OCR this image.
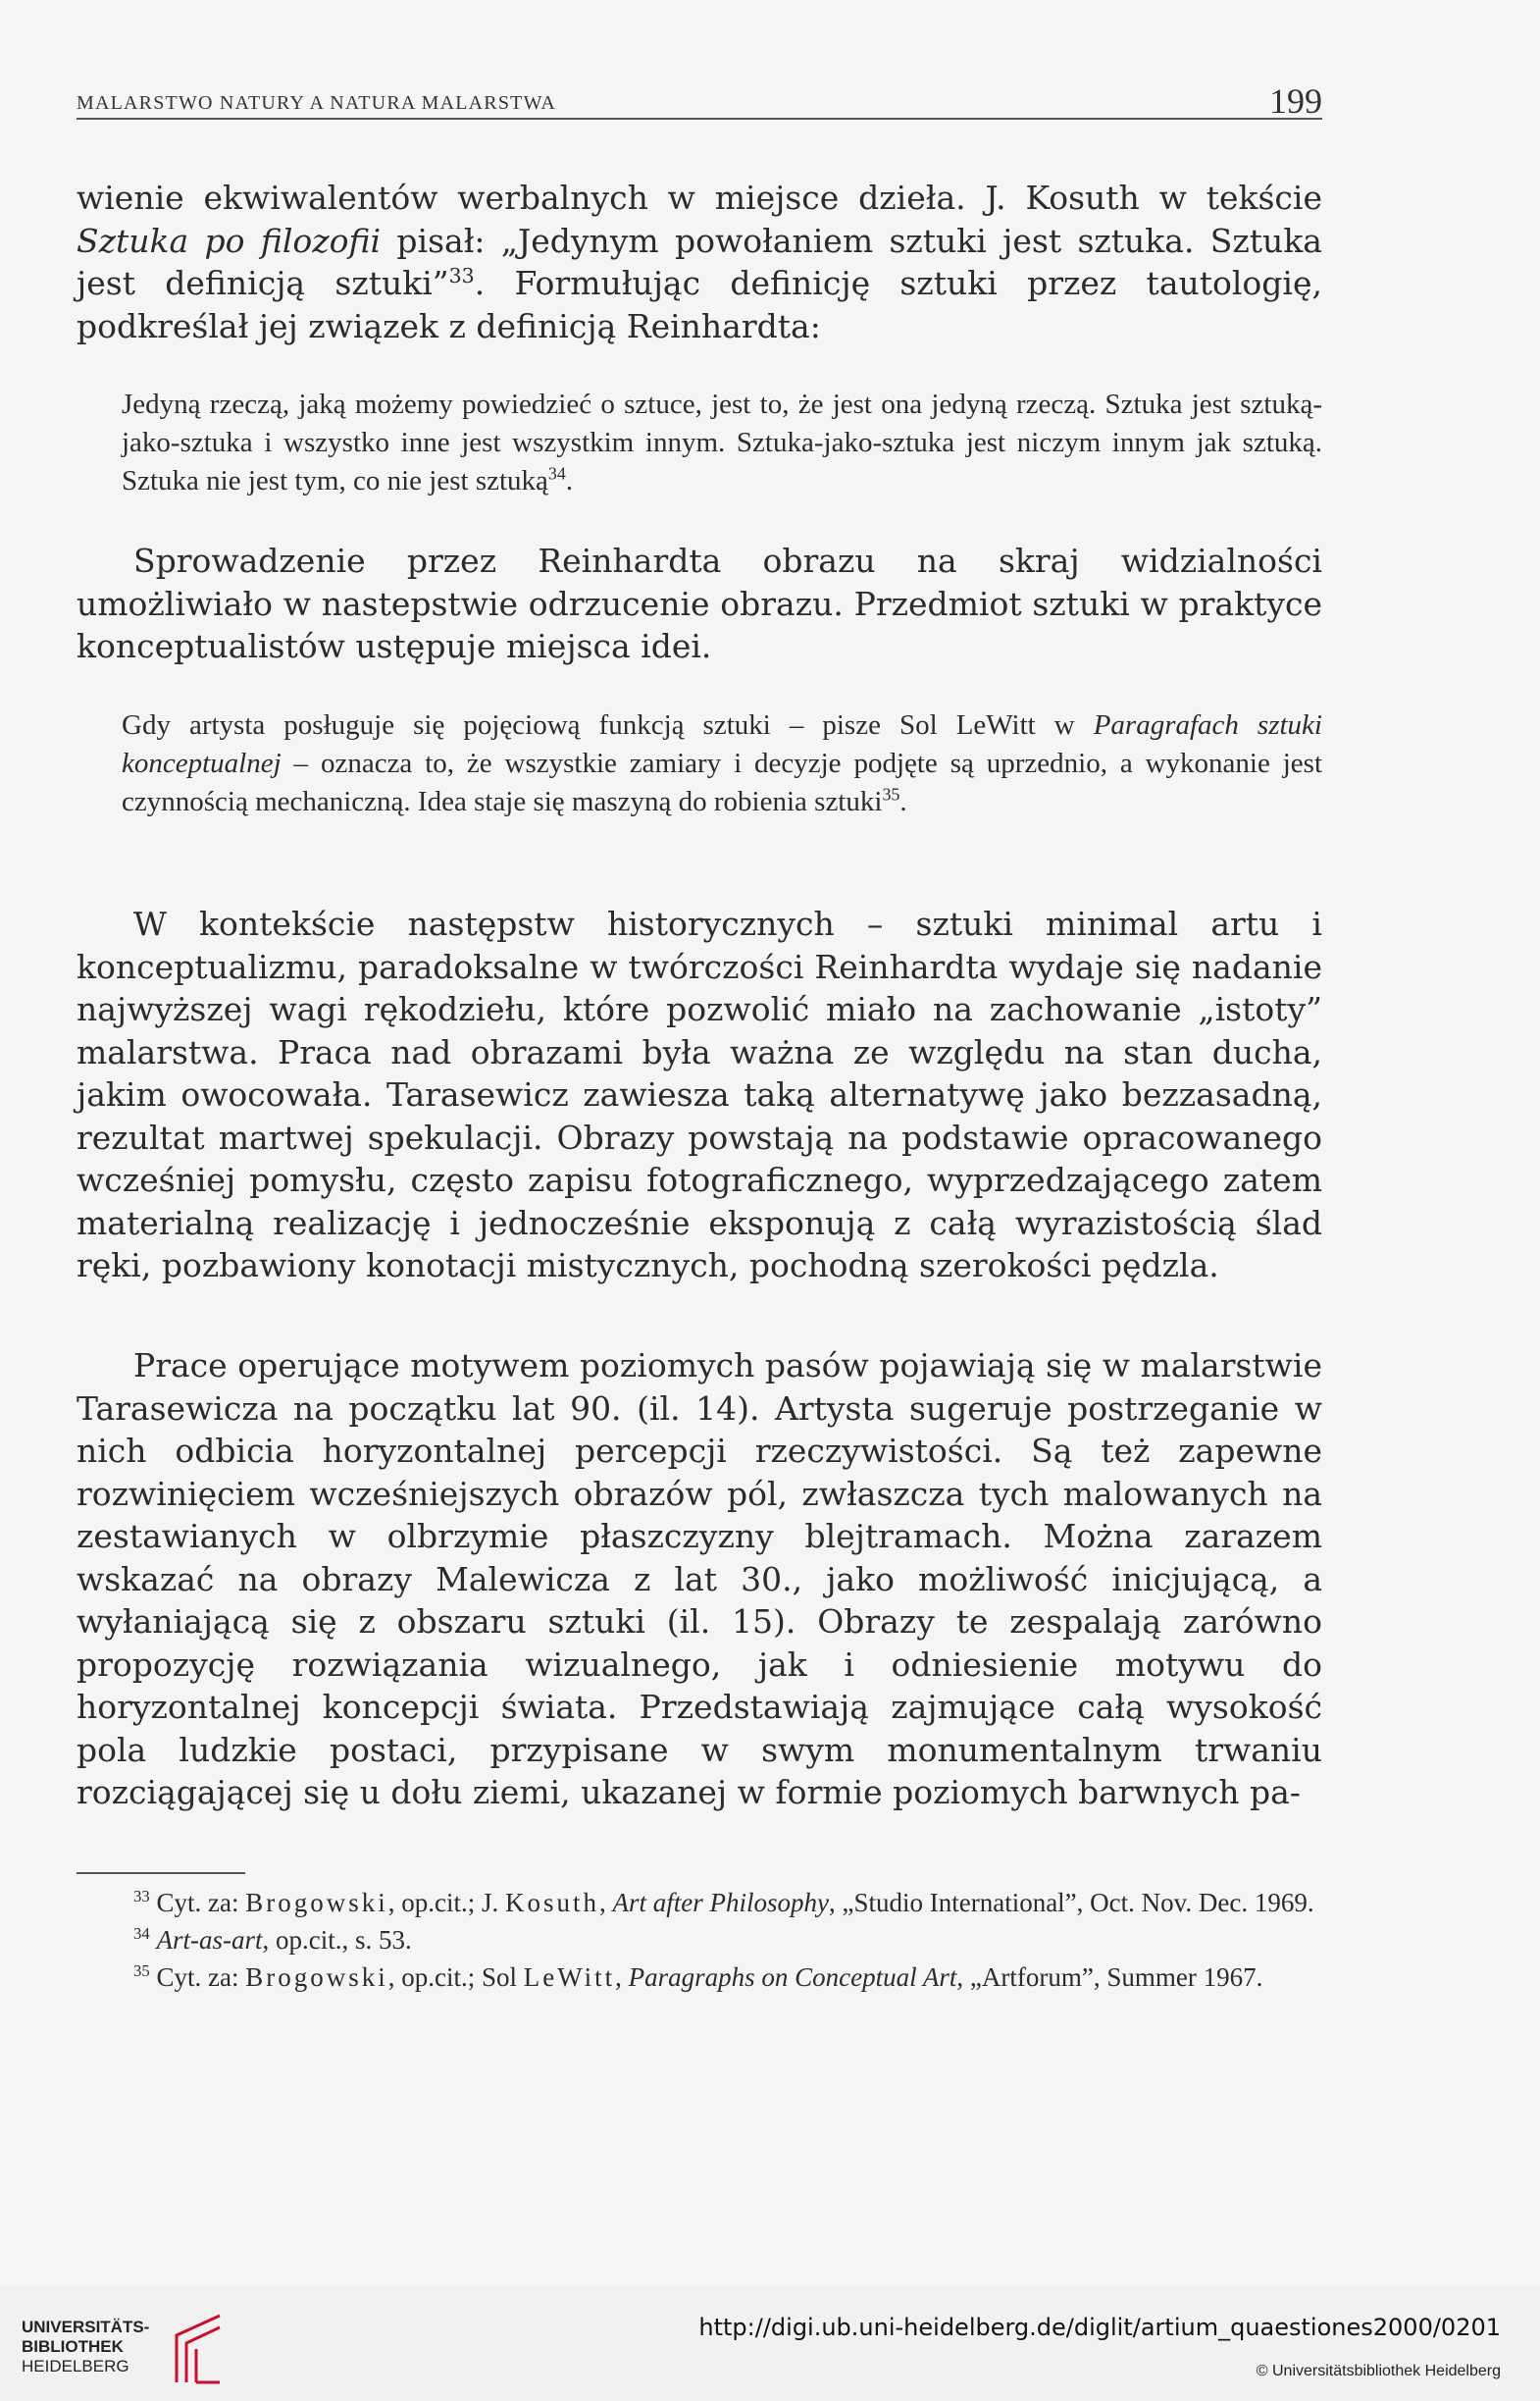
MALARSTWO NATURY A NATURA MALARSTWA	199

wienie ekwiwalentów werbalnych w miejsce dzieła. J. Kosuth w tekście Sztuka po filozofii pisał: „Jedynym powołaniem sztuki jest sztuka. Sztuka jest definicją sztuki”$^{33}$. Formułując definicję sztuki przez tautologię, podkreślał jej związek z definicją Reinhardta:

Jedyną rzeczą, jaką możemy powiedzieć o sztuce, jest to, że jest ona jedyną rzeczą. Sztuka jest sztuką-jako-sztuka i wszystko inne jest wszystkim innym. Sztuka-jako-sztuka jest niczym innym jak sztuką. Sztuka nie jest tym, co nie jest sztuką$^{34}$.

Sprowadzenie przez Reinhardta obrazu na skraj widzialności umożliwiało w nastepstwie odrzucenie obrazu. Przedmiot sztuki w praktyce konceptualistów ustępuje miejsca idei.

Gdy artysta posługuje się pojęciową funkcją sztuki – pisze Sol LeWitt w Paragrafach sztuki konceptualnej – oznacza to, że wszystkie zamiary i decyzje podjęte są uprzednio, a wykonanie jest czynnością mechaniczną. Idea staje się maszyną do robienia sztuki$^{35}$.

W kontekście następstw historycznych – sztuki minimal artu i konceptualizmu, paradoksalne w twórczości Reinhardta wydaje się nadanie najwyższej wagi rękodziełu, które pozwolić miało na zachowanie „istoty” malarstwa. Praca nad obrazami była ważna ze względu na stan ducha, jakim owocowała. Tarasewicz zawiesza taką alternatywę jako bezzasadną, rezultat martwej spekulacji. Obrazy powstają na podstawie opracowanego wcześniej pomysłu, często zapisu fotograficznego, wyprzedzającego zatem materialną realizację i jednocześnie eksponują z całą wyrazistością ślad ręki, pozbawiony konotacji mistycznych, pochodną szerokości pędzla.

Prace operujące motywem poziomych pasów pojawiają się w malarstwie Tarasewicza na początku lat 90. (il. 14). Artysta sugeruje postrzeganie w nich odbicia horyzontalnej percepcji rzeczywistości. Są też zapewne rozwinięciem wcześniejszych obrazów pól, zwłaszcza tych malowanych na zestawianych w olbrzymie płaszczyzny blejtramach. Można zarazem wskazać na obrazy Malewicza z lat 30., jako możliwość inicjującą, a wyłaniającą się z obszaru sztuki (il. 15). Obrazy te zespalają zarówno propozycję rozwiązania wizualnego, jak i odniesienie motywu do horyzontalnej koncepcji świata. Przedstawiają zajmujące całą wysokość pola ludzkie postaci, przypisane w swym monumentalnym trwaniu rozciągającej się u dołu ziemi, ukazanej w formie poziomych barwnych pa-

$^{33}$ Cyt. za: Brogowski, op.cit.; J. Kosuth, Art after Philosophy, „Studio International”, Oct. Nov. Dec. 1969.

$^{34}$ Art-as-art, op.cit., s. 53.

$^{35}$ Cyt. za: Brogowski, op.cit.; Sol LeWitt, Paragraphs on Conceptual Art, „Artforum”, Summer 1967.

UNIVERSITÄTS-
BIBLIOTHEK
HEIDELBERG
http://digi.ub.uni-heidelberg.de/diglit/artium_quaestiones2000/0201
© Universitätsbibliothek Heidelberg
